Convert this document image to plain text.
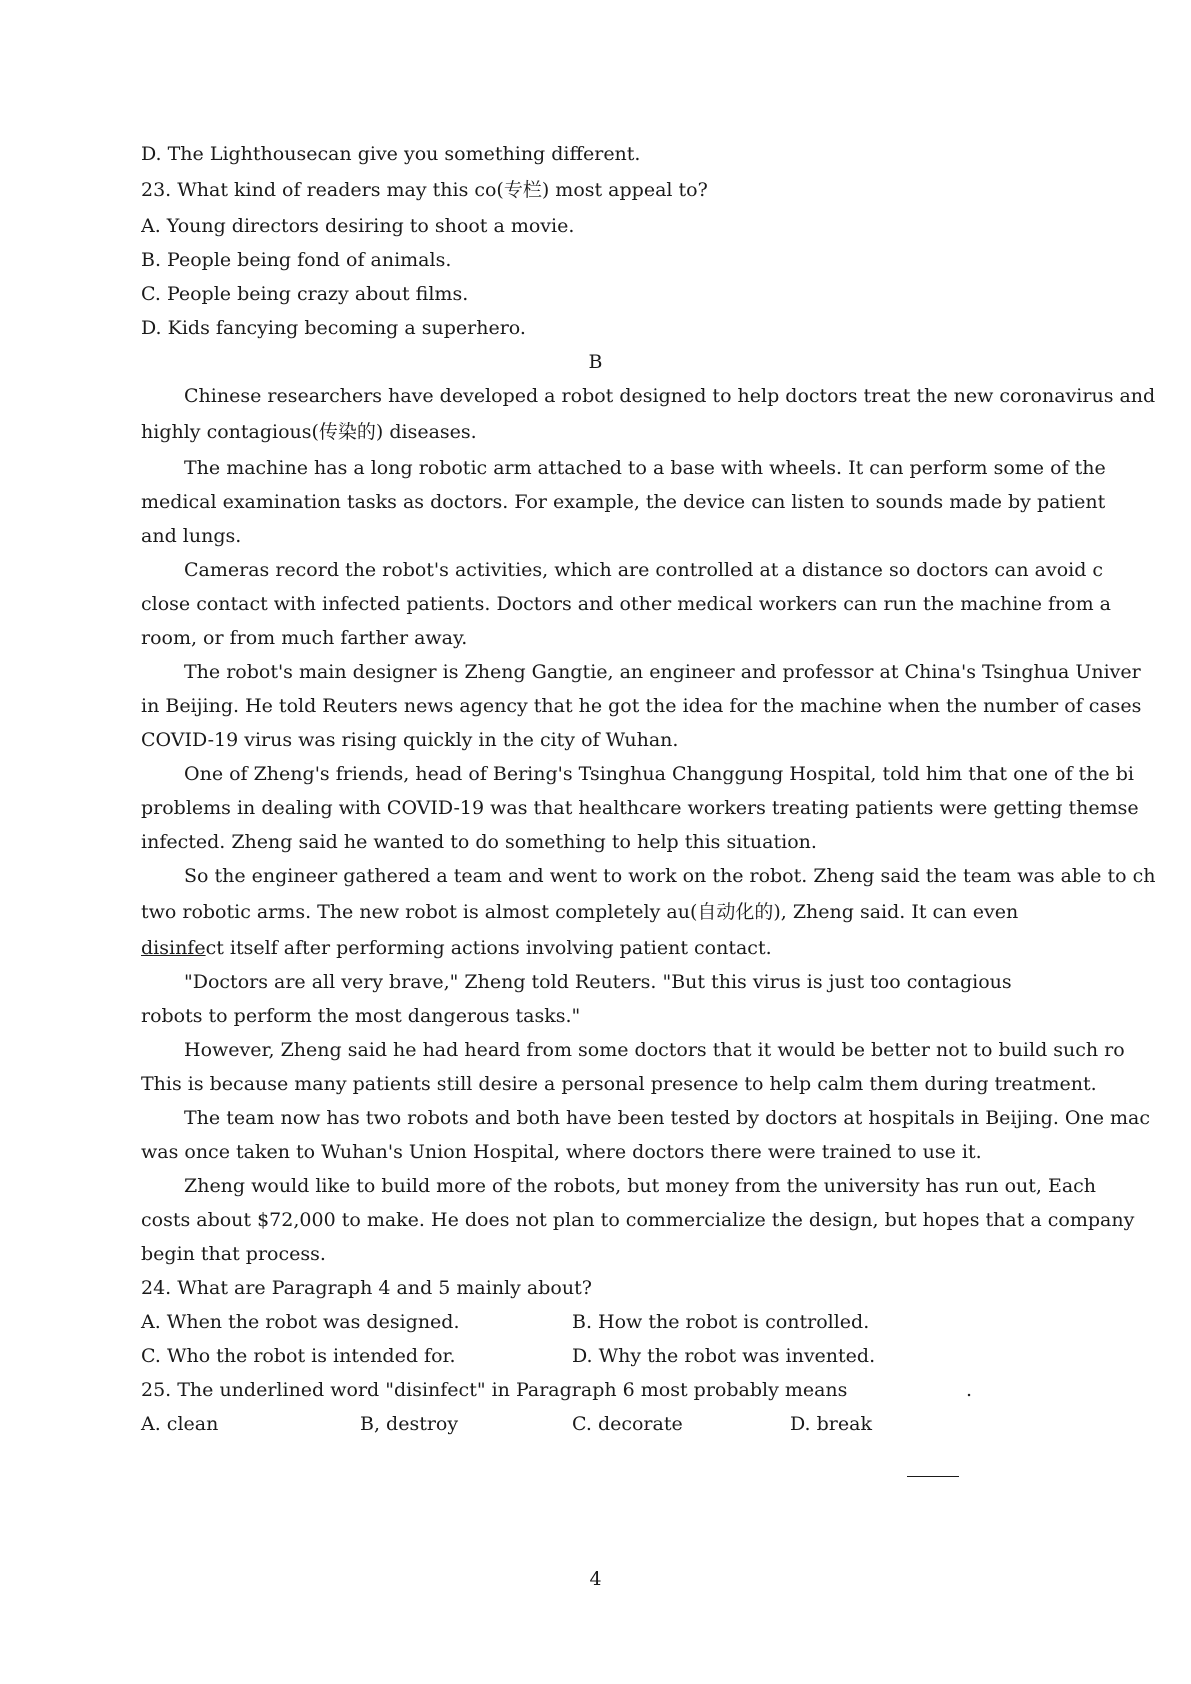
D. The Lighthousecan give you something different.
23. What kind of readers may this co(专栏) most appeal to?
A. Young directors desiring to shoot a movie.
B. People being fond of animals.
C. People being crazy about films.
D. Kids fancying becoming a superhero.
B
Chinese researchers have developed a robot designed to help doctors treat the new coronavirus and
highly contagious(传染的) diseases.
The machine has a long robotic arm attached to a base with wheels. It can perform some of the
medical examination tasks as doctors. For example, the device can listen to sounds made by patient
and lungs.
Cameras record the robot's activities, which are controlled at a distance so doctors can avoid c
close contact with infected patients. Doctors and other medical workers can run the machine from a
room, or from much farther away.
The robot's main designer is Zheng Gangtie, an engineer and professor at China's Tsinghua Univer
in Beijing. He told Reuters news agency that he got the idea for the machine when the number of cases
COVID-19 virus was rising quickly in the city of Wuhan.
One of Zheng's friends, head of Bering's Tsinghua Changgung Hospital, told him that one of the bi
problems in dealing with COVID-19 was that healthcare workers treating patients were getting themse
infected. Zheng said he wanted to do something to help this situation.
So the engineer gathered a team and went to work on the robot. Zheng said the team was able to ch
two robotic arms. The new robot is almost completely au(自动化的), Zheng said. It can even
disinfect itself after performing actions involving patient contact.
"Doctors are all very brave," Zheng told Reuters. "But this virus is just too contagious
robots to perform the most dangerous tasks."
However, Zheng said he had heard from some doctors that it would be better not to build such ro
This is because many patients still desire a personal presence to help calm them during treatment.
The team now has two robots and both have been tested by doctors at hospitals in Beijing. One mac
was once taken to Wuhan's Union Hospital, where doctors there were trained to use it.
Zheng would like to build more of the robots, but money from the university has run out, Each
costs about $72,000 to make. He does not plan to commercialize the design, but hopes that a company
begin that process.
24. What are Paragraph 4 and 5 mainly about?
A. When the robot was designed.	B. How the robot is controlled.
C. Who the robot is intended for.	D. Why the robot was invented.
25. The underlined word "disinfect" in Paragraph 6 most probably means	.
A. clean	B, destroy	C. decorate	D. break
4
